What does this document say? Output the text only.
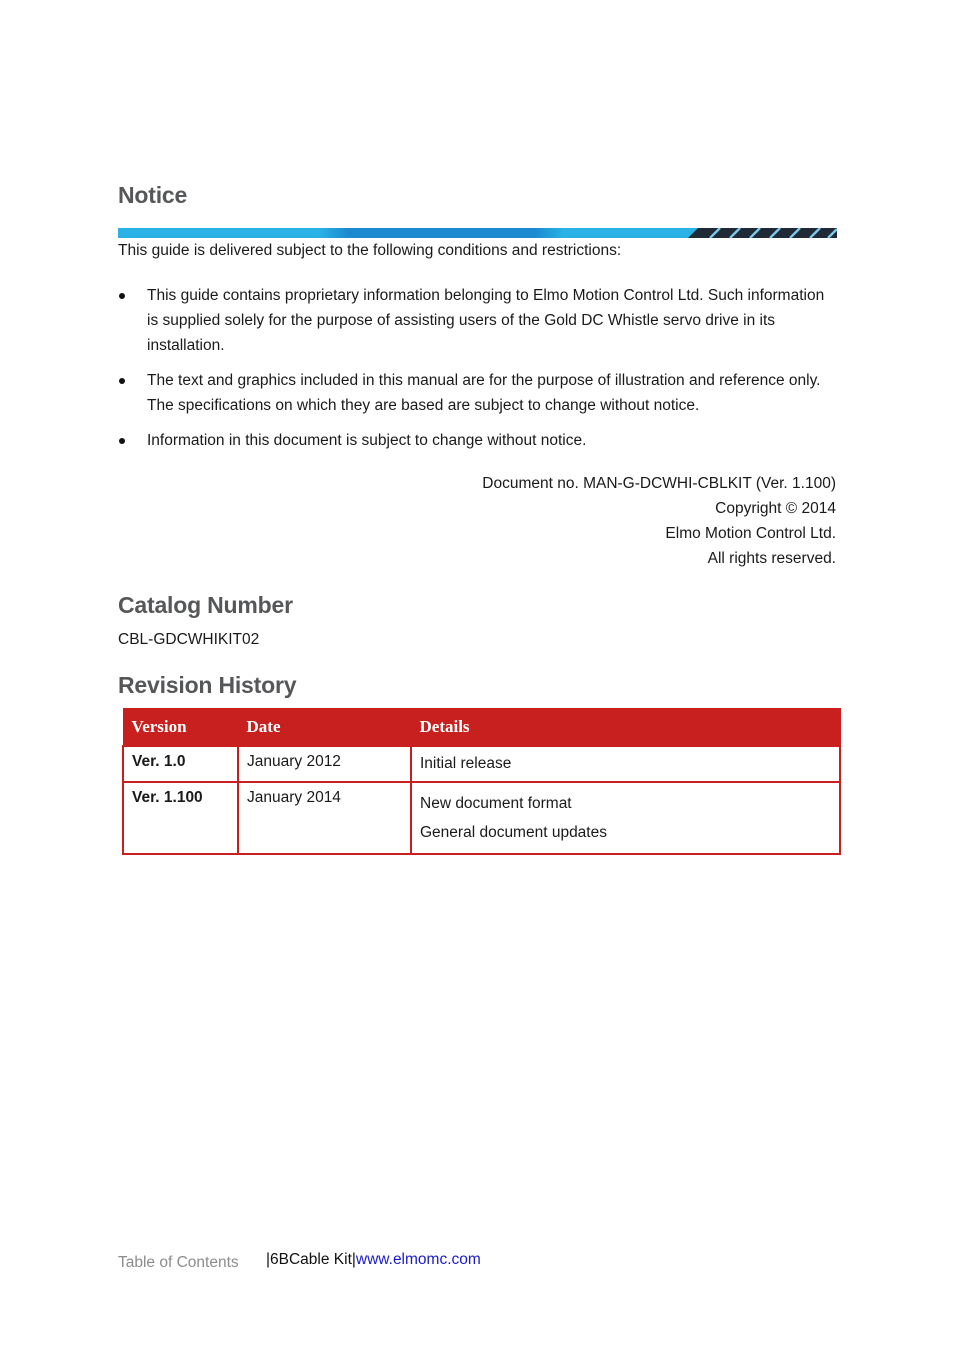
Notice
This guide is delivered subject to the following conditions and restrictions:
This guide contains proprietary information belonging to Elmo Motion Control Ltd. Such information is supplied solely for the purpose of assisting users of the Gold DC Whistle servo drive in its installation.
The text and graphics included in this manual are for the purpose of illustration and reference only. The specifications on which they are based are subject to change without notice.
Information in this document is subject to change without notice.
Document no. MAN-G-DCWHI-CBLKIT (Ver. 1.100)
Copyright © 2014
Elmo Motion Control Ltd.
All rights reserved.
Catalog Number
CBL-GDCWHIKIT02
Revision History
Version	Date	Details
Ver. 1.0	January 2012	Initial release

Ver. 1.100	January 2014	New document format
General document updates
Table of Contents |6BCable Kit|www.elmomc.com
